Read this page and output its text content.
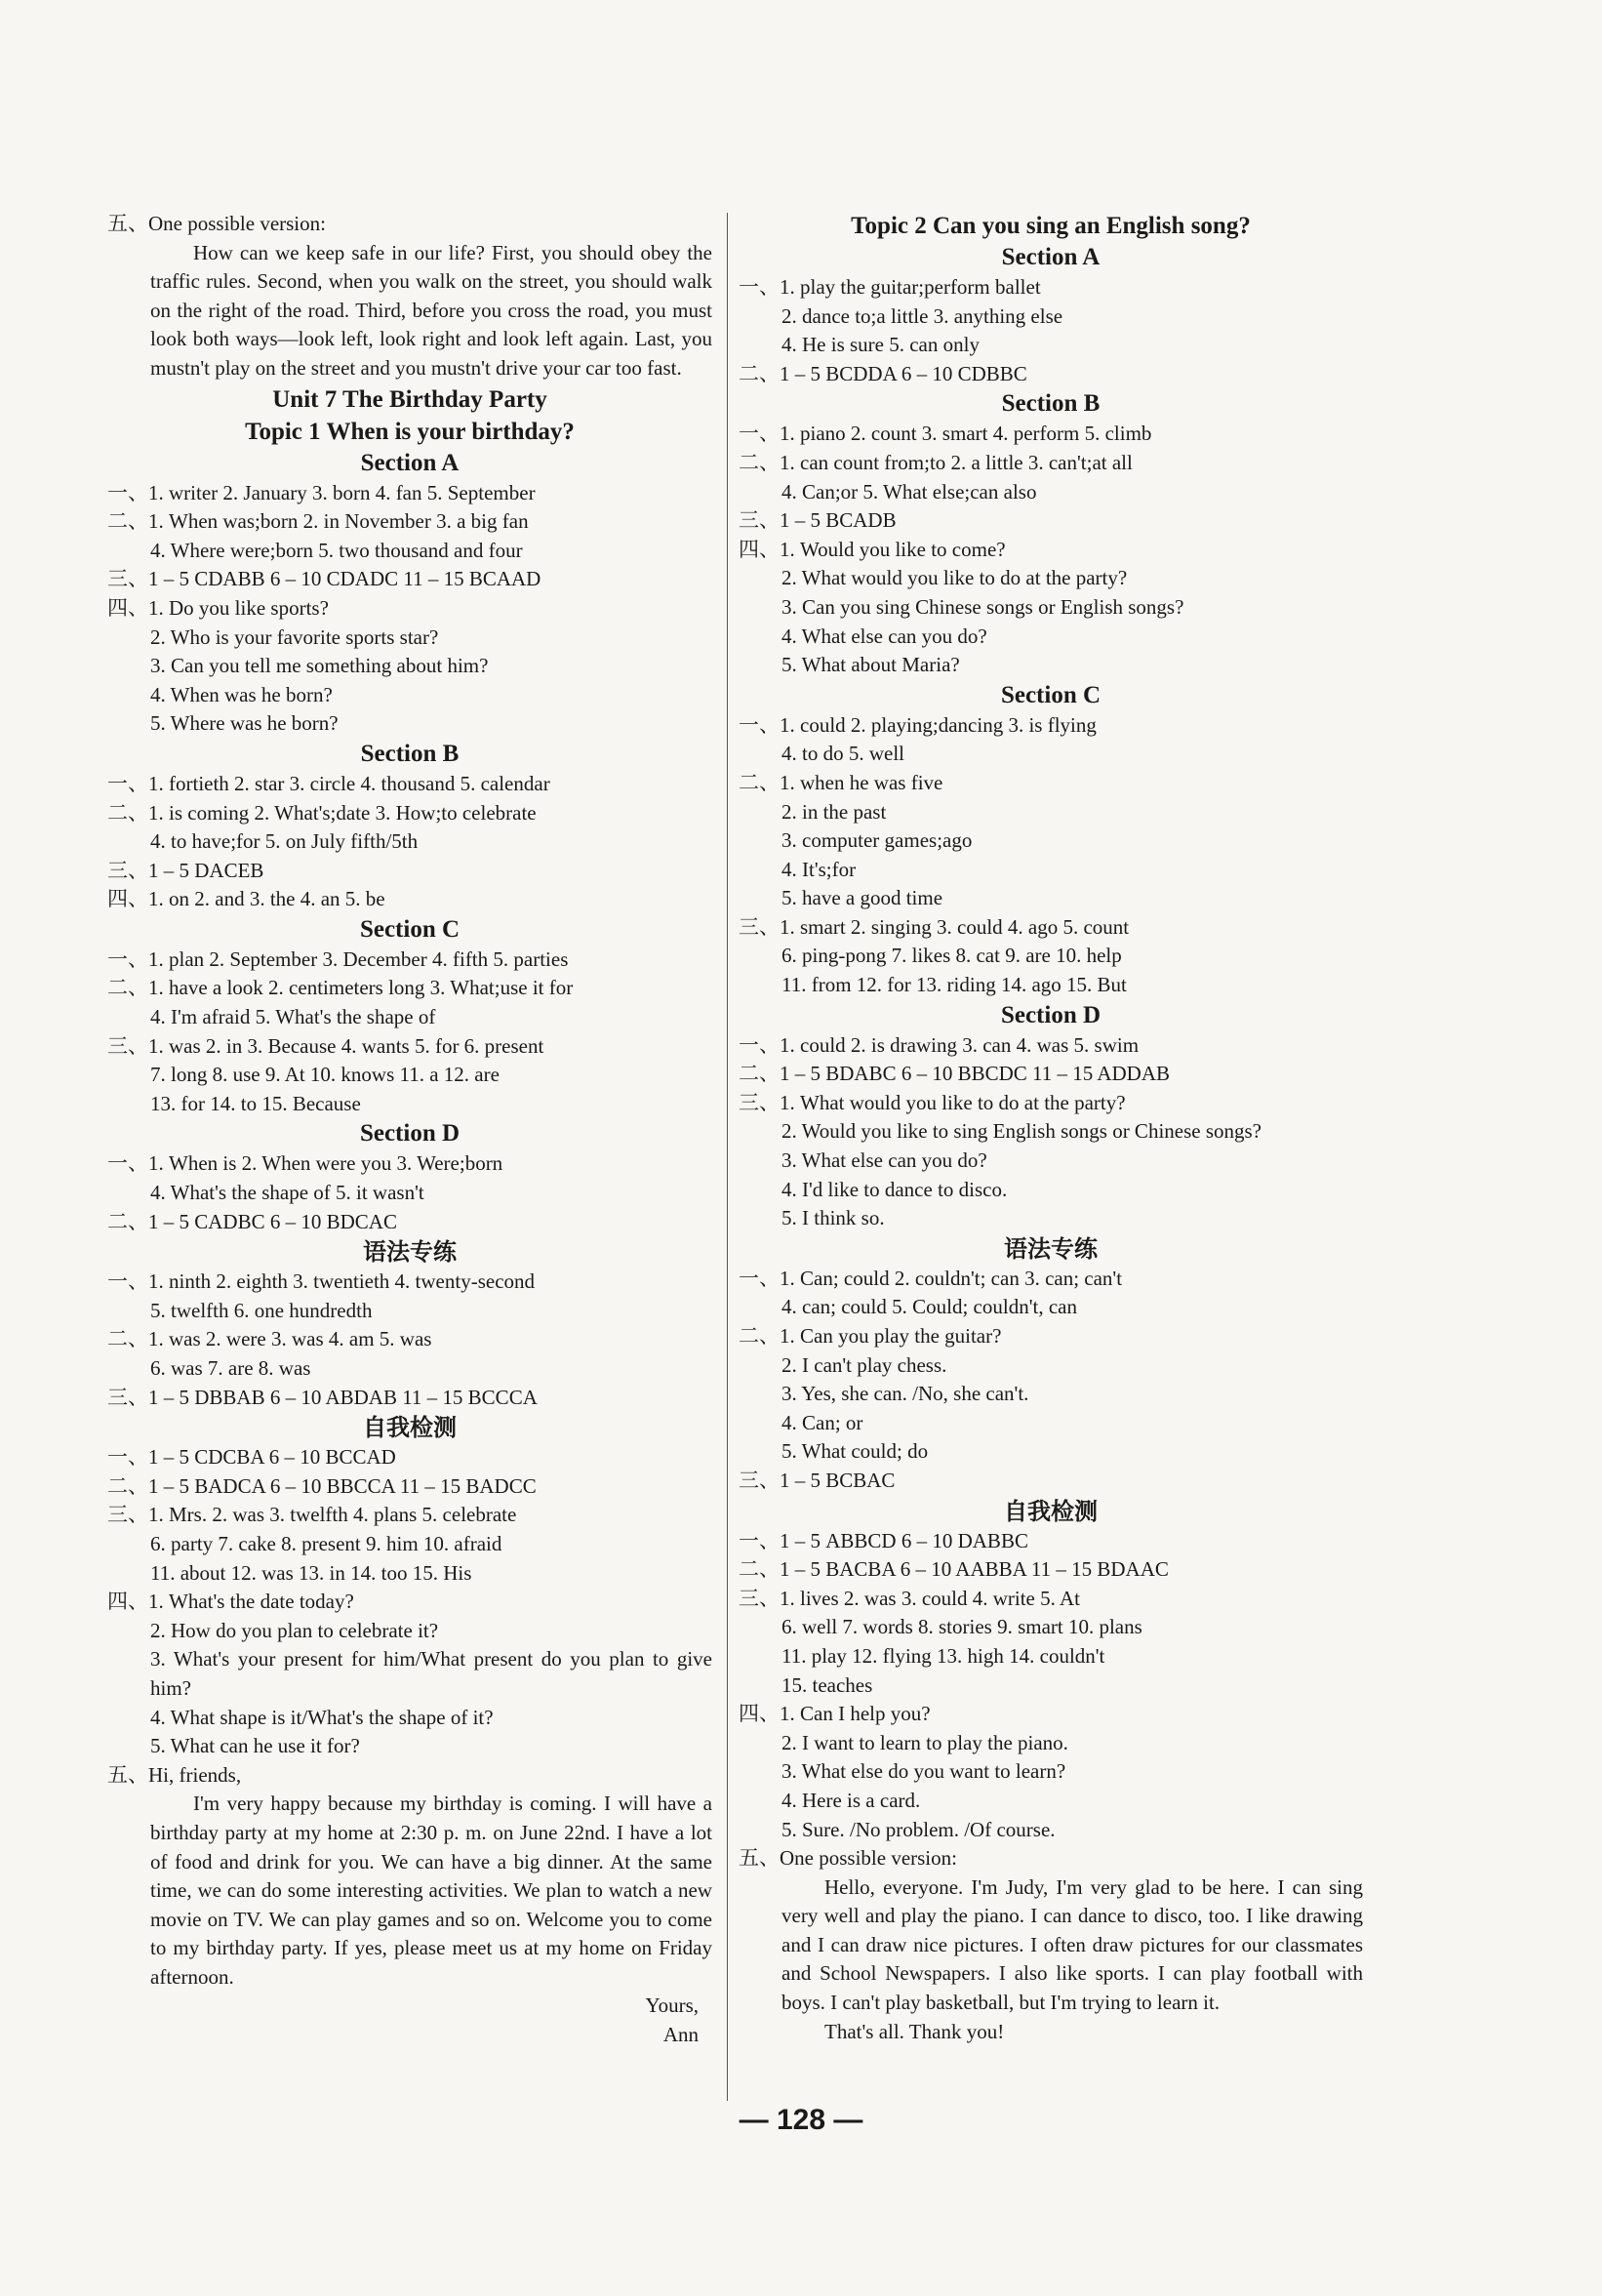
五、One possible version:
How can we keep safe in our life? First, you should obey the traffic rules. Second, when you walk on the street, you should walk on the right of the road. Third, before you cross the road, you must look both ways—look left, look right and look left again. Last, you mustn't play on the street and you mustn't drive your car too fast.
Unit 7 The Birthday Party
Topic 1 When is your birthday?
Section A
一、1. writer 2. January 3. born 4. fan 5. September
二、1. When was;born 2. in November 3. a big fan
4. Where were;born 5. two thousand and four
三、1 – 5 CDABB 6 – 10 CDADC 11 – 15 BCAAD
四、1. Do you like sports?
2. Who is your favorite sports star?
3. Can you tell me something about him?
4. When was he born?
5. Where was he born?
Section B
一、1. fortieth 2. star 3. circle 4. thousand 5. calendar
二、1. is coming 2. What's;date 3. How;to celebrate
4. to have;for 5. on July fifth/5th
三、1 – 5 DACEB
四、1. on 2. and 3. the 4. an 5. be
Section C
一、1. plan 2. September 3. December 4. fifth 5. parties
二、1. have a look 2. centimeters long 3. What;use it for
4. I'm afraid 5. What's the shape of
三、1. was 2. in 3. Because 4. wants 5. for 6. present
7. long 8. use 9. At 10. knows 11. a 12. are
13. for 14. to 15. Because
Section D
一、1. When is 2. When were you 3. Were;born
4. What's the shape of 5. it wasn't
二、1 – 5 CADBC 6 – 10 BDCAC
语法专练
一、1. ninth 2. eighth 3. twentieth 4. twenty-second
5. twelfth 6. one hundredth
二、1. was 2. were 3. was 4. am 5. was
6. was 7. are 8. was
三、1 – 5 DBBAB 6 – 10 ABDAB 11 – 15 BCCCA
自我检测
一、1 – 5 CDCBA 6 – 10 BCCAD
二、1 – 5 BADCA 6 – 10 BBCCA 11 – 15 BADCC
三、1. Mrs. 2. was 3. twelfth 4. plans 5. celebrate
6. party 7. cake 8. present 9. him 10. afraid
11. about 12. was 13. in 14. too 15. His
四、1. What's the date today?
2. How do you plan to celebrate it?
3. What's your present for him/What present do you plan to give him?
4. What shape is it/What's the shape of it?
5. What can he use it for?
五、Hi, friends,
I'm very happy because my birthday is coming. I will have a birthday party at my home at 2:30 p. m. on June 22nd. I have a lot of food and drink for you. We can have a big dinner. At the same time, we can do some interesting activities. We plan to watch a new movie on TV. We can play games and so on. Welcome you to come to my birthday party. If yes, please meet us at my home on Friday afternoon.
Yours,
Ann
Topic 2 Can you sing an English song?
Section A
一、1. play the guitar;perform ballet
2. dance to;a little 3. anything else
4. He is sure 5. can only
二、1 – 5 BCDDA 6 – 10 CDBBC
Section B
一、1. piano 2. count 3. smart 4. perform 5. climb
二、1. can count from;to 2. a little 3. can't;at all
4. Can;or 5. What else;can also
三、1 – 5 BCADB
四、1. Would you like to come?
2. What would you like to do at the party?
3. Can you sing Chinese songs or English songs?
4. What else can you do?
5. What about Maria?
Section C
一、1. could 2. playing;dancing 3. is flying
4. to do 5. well
二、1. when he was five
2. in the past
3. computer games;ago
4. It's;for
5. have a good time
三、1. smart 2. singing 3. could 4. ago 5. count
6. ping-pong 7. likes 8. cat 9. are 10. help
11. from 12. for 13. riding 14. ago 15. But
Section D
一、1. could 2. is drawing 3. can 4. was 5. swim
二、1 – 5 BDABC 6 – 10 BBCDC 11 – 15 ADDAB
三、1. What would you like to do at the party?
2. Would you like to sing English songs or Chinese songs?
3. What else can you do?
4. I'd like to dance to disco.
5. I think so.
语法专练
一、1. Can; could 2. couldn't; can 3. can; can't
4. can; could 5. Could; couldn't, can
二、1. Can you play the guitar?
2. I can't play chess.
3. Yes, she can. /No, she can't.
4. Can; or
5. What could; do
三、1 – 5 BCBAC
自我检测
一、1 – 5 ABBCD 6 – 10 DABBC
二、1 – 5 BACBA 6 – 10 AABBA 11 – 15 BDAAC
三、1. lives 2. was 3. could 4. write 5. At
6. well 7. words 8. stories 9. smart 10. plans
11. play 12. flying 13. high 14. couldn't
15. teaches
四、1. Can I help you?
2. I want to learn to play the piano.
3. What else do you want to learn?
4. Here is a card.
5. Sure. /No problem. /Of course.
五、One possible version:
Hello, everyone. I'm Judy, I'm very glad to be here. I can sing very well and play the piano. I can dance to disco, too. I like drawing and I can draw nice pictures. I often draw pictures for our classmates and School Newspapers. I also like sports. I can play football with boys. I can't play basketball, but I'm trying to learn it.
That's all. Thank you!
— 128 —
